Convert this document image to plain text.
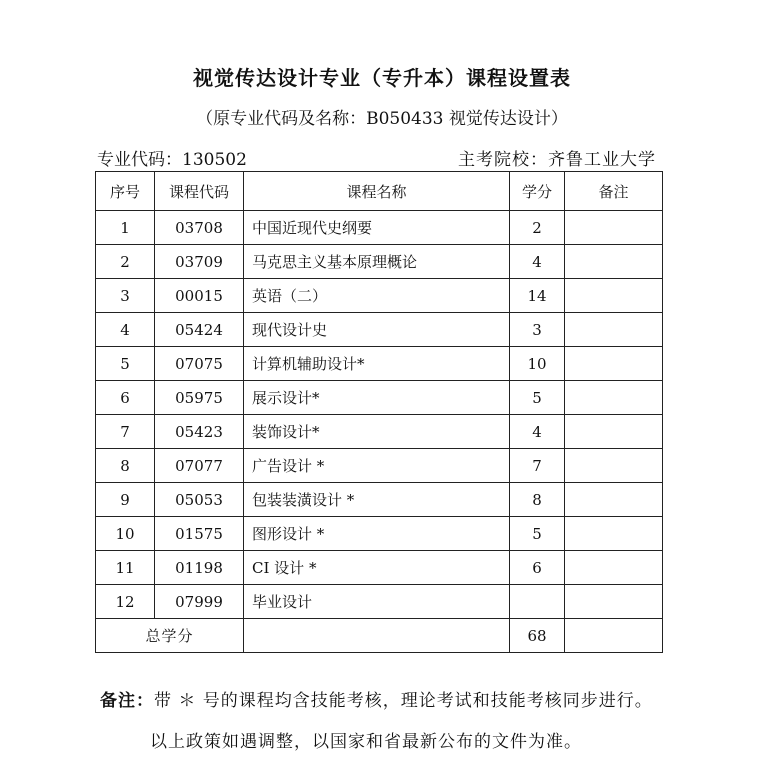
视觉传达设计专业（专升本）课程设置表
（原专业代码及名称：B050433 视觉传达设计）
专业代码：130502	主考院校：齐鲁工业大学
序号	课程代码	课程名称	学分	备注
1	03708	中国近现代史纲要	2	
2	03709	马克思主义基本原理概论	4	
3	00015	英语（二）	14	
4	05424	现代设计史	3	
5	07075	计算机辅助设计*	10	
6	05975	展示设计*	5	
7	05423	装饰设计*	4	
8	07077	广告设计 *	7	
9	05053	包装装潢设计 *	8	
10	01575	图形设计 *	5	
11	01198	CI 设计 *	6	
12	07999	毕业设计		
总学分			68	
备注：带 ＊ 号的课程均含技能考核，理论考试和技能考核同步进行。
以上政策如遇调整，以国家和省最新公布的文件为准。
